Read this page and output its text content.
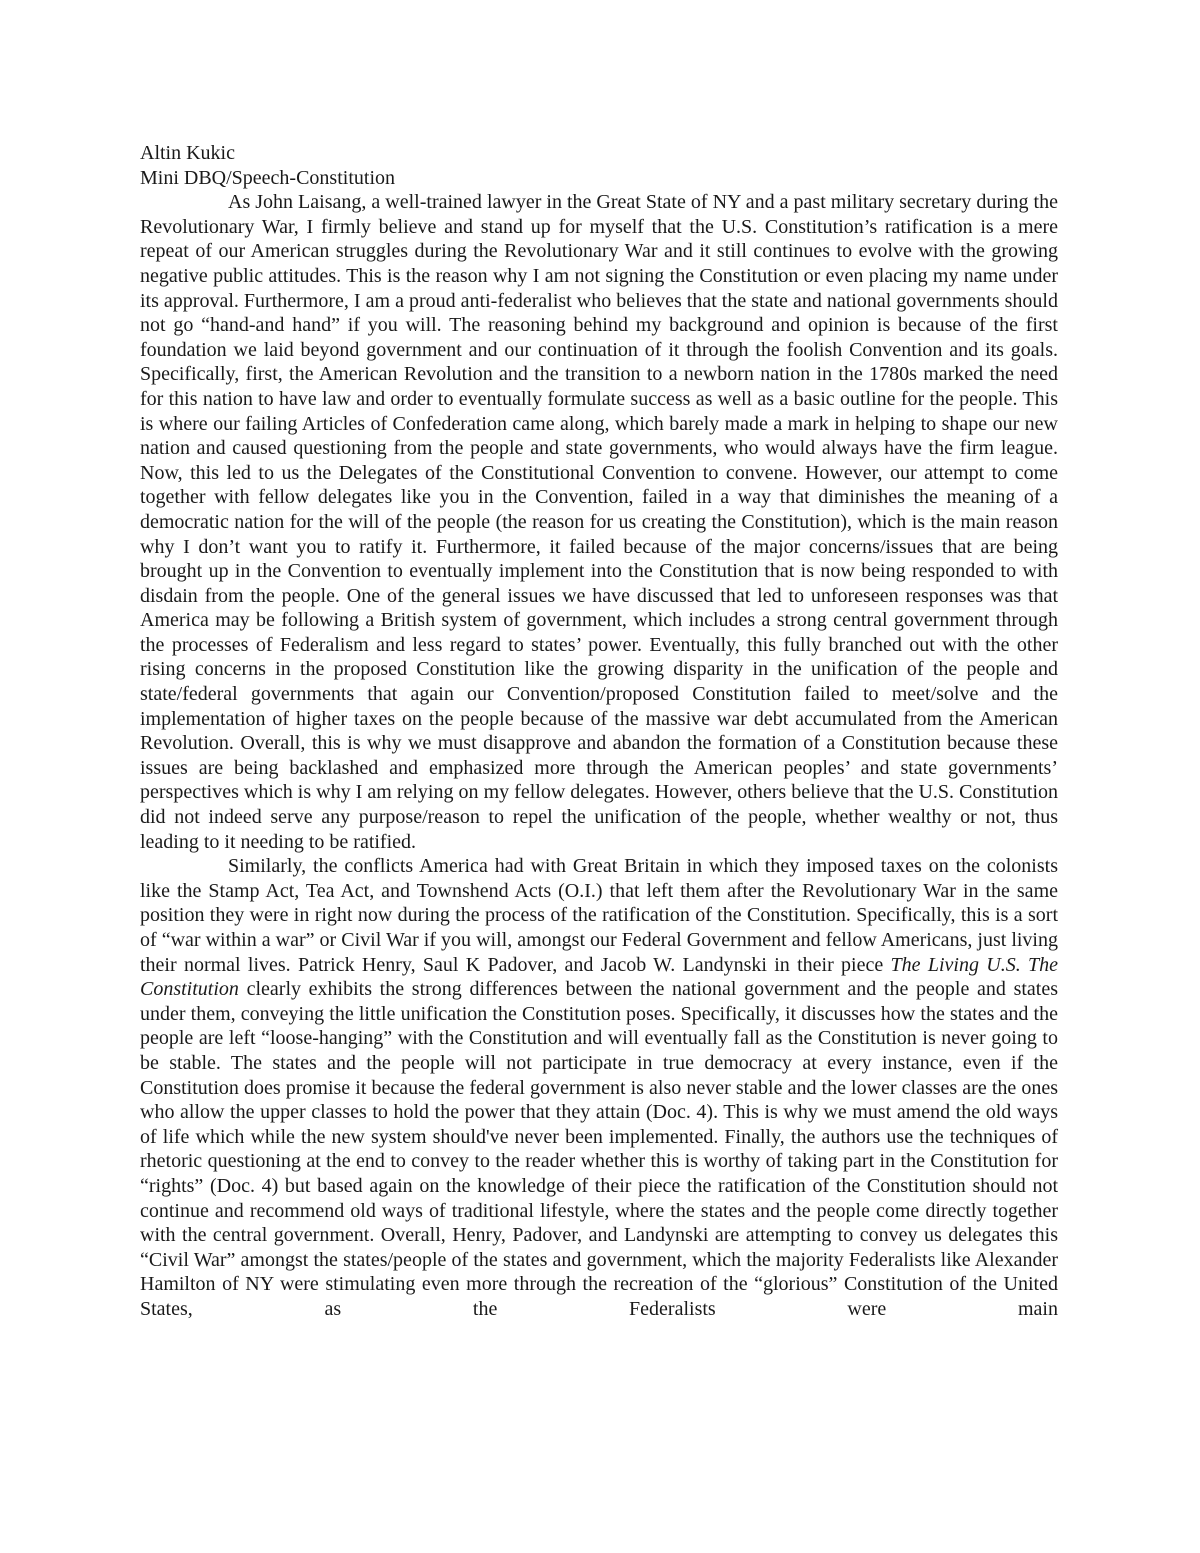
Altin Kukic
Mini DBQ/Speech-Constitution

As John Laisang, a well-trained lawyer in the Great State of NY and a past military secretary during the Revolutionary War, I firmly believe and stand up for myself that the U.S. Constitution’s ratification is a mere repeat of our American struggles during the Revolutionary War and it still continues to evolve with the growing negative public attitudes. This is the reason why I am not signing the Constitution or even placing my name under its approval. Furthermore, I am a proud anti-federalist who believes that the state and national governments should not go “hand-and hand” if you will. The reasoning behind my background and opinion is because of the first foundation we laid beyond government and our continuation of it through the foolish Convention and its goals. Specifically, first, the American Revolution and the transition to a newborn nation in the 1780s marked the need for this nation to have law and order to eventually formulate success as well as a basic outline for the people. This is where our failing Articles of Confederation came along, which barely made a mark in helping to shape our new nation and caused questioning from the people and state governments, who would always have the firm league. Now, this led to us the Delegates of the Constitutional Convention to convene. However, our attempt to come together with fellow delegates like you in the Convention, failed in a way that diminishes the meaning of a democratic nation for the will of the people (the reason for us creating the Constitution), which is the main reason why I don’t want you to ratify it. Furthermore, it failed because of the major concerns/issues that are being brought up in the Convention to eventually implement into the Constitution that is now being responded to with disdain from the people. One of the general issues we have discussed that led to unforeseen responses was that America may be following a British system of government, which includes a strong central government through the processes of Federalism and less regard to states’ power. Eventually, this fully branched out with the other rising concerns in the proposed Constitution like the growing disparity in the unification of the people and state/federal governments that again our Convention/proposed Constitution failed to meet/solve and the implementation of higher taxes on the people because of the massive war debt accumulated from the American Revolution. Overall, this is why we must disapprove and abandon the formation of a Constitution because these issues are being backlashed and emphasized more through the American peoples’ and state governments’ perspectives which is why I am relying on my fellow delegates. However, others believe that the U.S. Constitution did not indeed serve any purpose/reason to repel the unification of the people, whether wealthy or not, thus leading to it needing to be ratified.

Similarly, the conflicts America had with Great Britain in which they imposed taxes on the colonists like the Stamp Act, Tea Act, and Townshend Acts (O.I.) that left them after the Revolutionary War in the same position they were in right now during the process of the ratification of the Constitution. Specifically, this is a sort of “war within a war” or Civil War if you will, amongst our Federal Government and fellow Americans, just living their normal lives. Patrick Henry, Saul K Padover, and Jacob W. Landynski in their piece The Living U.S. The Constitution clearly exhibits the strong differences between the national government and the people and states under them, conveying the little unification the Constitution poses. Specifically, it discusses how the states and the people are left “loose-hanging” with the Constitution and will eventually fall as the Constitution is never going to be stable. The states and the people will not participate in true democracy at every instance, even if the Constitution does promise it because the federal government is also never stable and the lower classes are the ones who allow the upper classes to hold the power that they attain (Doc. 4). This is why we must amend the old ways of life which while the new system should've never been implemented. Finally, the authors use the techniques of rhetoric questioning at the end to convey to the reader whether this is worthy of taking part in the Constitution for “rights” (Doc. 4) but based again on the knowledge of their piece the ratification of the Constitution should not continue and recommend old ways of traditional lifestyle, where the states and the people come directly together with the central government. Overall, Henry, Padover, and Landynski are attempting to convey us delegates this “Civil War” amongst the states/people of the states and government, which the majority Federalists like Alexander Hamilton of NY were stimulating even more through the recreation of the “glorious” Constitution of the United States, as the Federalists were main
